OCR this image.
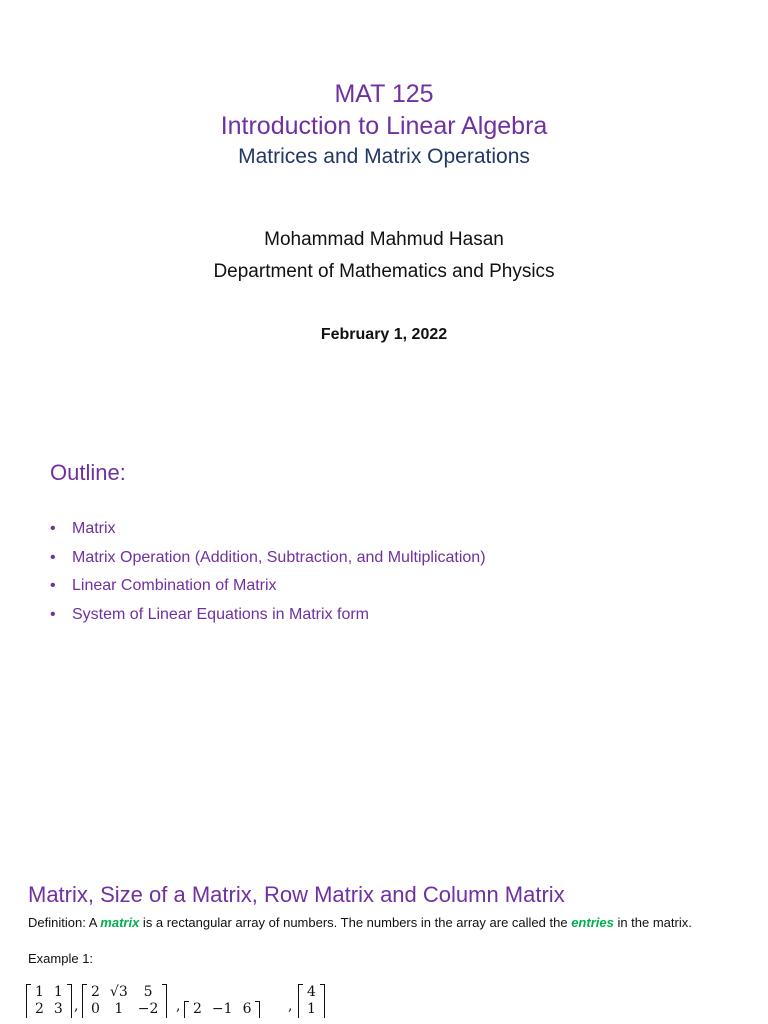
MAT 125
Introduction to Linear Algebra
Matrices and Matrix Operations
Mohammad Mahmud Hasan
Department of Mathematics and Physics
February 1, 2022
Outline:
• Matrix
• Matrix Operation (Addition, Subtraction, and Multiplication)
• Linear Combination of Matrix
• System of Linear Equations in Matrix form
Matrix, Size of a Matrix, Row Matrix and Column Matrix
Definition: A matrix is a rectangular array of numbers. The numbers in the array are called the entries in the matrix.
Example 1:
1	1
2	3 ,
2	√3	5
0	1	−2 , 2	−1	6	,
4
1
